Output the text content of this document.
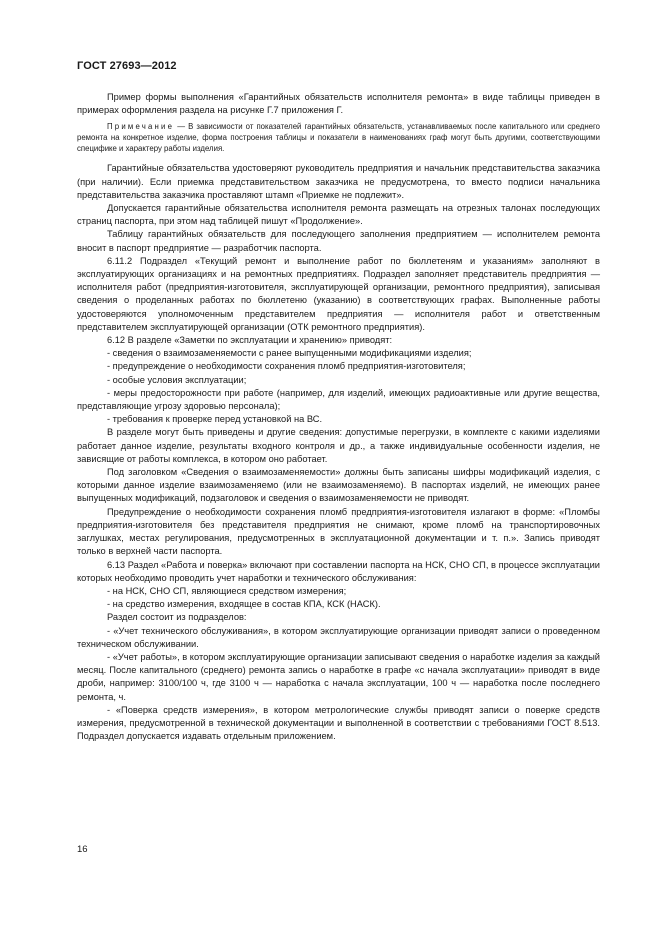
ГОСТ 27693—2012

Пример формы выполнения «Гарантийных обязательств исполнителя ремонта» в виде таблицы приведен в примерах оформления раздела на рисунке Г.7 приложения Г.

Примечание — В зависимости от показателей гарантийных обязательств, устанавливаемых после капитального или среднего ремонта на конкретное изделие, форма построения таблицы и показатели в наименованиях граф могут быть другими, соответствующими специфике и характеру работы изделия.

Гарантийные обязательства удостоверяют руководитель предприятия и начальник представительства заказчика (при наличии). Если приемка представительством заказчика не предусмотрена, то вместо подписи начальника представительства заказчика проставляют штамп «Приемке не подлежит».

Допускается гарантийные обязательства исполнителя ремонта размещать на отрезных талонах последующих страниц паспорта, при этом над таблицей пишут «Продолжение».

Таблицу гарантийных обязательств для последующего заполнения предприятием — исполнителем ремонта вносит в паспорт предприятие — разработчик паспорта.

6.11.2 Подраздел «Текущий ремонт и выполнение работ по бюллетеням и указаниям» заполняют в эксплуатирующих организациях и на ремонтных предприятиях. Подраздел заполняет представитель предприятия — исполнителя работ (предприятия-изготовителя, эксплуатирующей организации, ремонтного предприятия), записывая сведения о проделанных работах по бюллетеню (указанию) в соответствующих графах. Выполненные работы удостоверяются уполномоченным представителем предприятия — исполнителя работ и ответственным представителем эксплуатирующей организации (ОТК ремонтного предприятия).

6.12 В разделе «Заметки по эксплуатации и хранению» приводят:

- сведения о взаимозаменяемости с ранее выпущенными модификациями изделия;

- предупреждение о необходимости сохранения пломб предприятия-изготовителя;

- особые условия эксплуатации;

- меры предосторожности при работе (например, для изделий, имеющих радиоактивные или другие вещества, представляющие угрозу здоровью персонала);

- требования к проверке перед установкой на ВС.

В разделе могут быть приведены и другие сведения: допустимые перегрузки, в комплекте с какими изделиями работает данное изделие, результаты входного контроля и др., а также индивидуальные особенности изделия, не зависящие от работы комплекса, в котором оно работает.

Под заголовком «Сведения о взаимозаменяемости» должны быть записаны шифры модификаций изделия, с которыми данное изделие взаимозаменяемо (или не взаимозаменяемо). В паспортах изделий, не имеющих ранее выпущенных модификаций, подзаголовок и сведения о взаимозаменяемости не приводят.

Предупреждение о необходимости сохранения пломб предприятия-изготовителя излагают в форме: «Пломбы предприятия-изготовителя без представителя предприятия не снимают, кроме пломб на транспортировочных заглушках, местах регулирования, предусмотренных в эксплуатационной документации и т. п.». Запись приводят только в верхней части паспорта.

6.13 Раздел «Работа и поверка» включают при составлении паспорта на НСК, СНО СП, в процессе эксплуатации которых необходимо проводить учет наработки и технического обслуживания:

- на НСК, СНО СП, являющиеся средством измерения;

- на средство измерения, входящее в состав КПА, КСК (НАСК).

Раздел состоит из подразделов:

- «Учет технического обслуживания», в котором эксплуатирующие организации приводят записи о проведенном техническом обслуживании.

- «Учет работы», в котором эксплуатирующие организации записывают сведения о наработке изделия за каждый месяц. После капитального (среднего) ремонта запись о наработке в графе «с начала эксплуатации» приводят в виде дроби, например: 3100/100 ч, где 3100 ч — наработка с начала эксплуатации, 100 ч — наработка после последнего ремонта, ч.

- «Поверка средств измерения», в котором метрологические службы приводят записи о поверке средств измерения, предусмотренной в технической документации и выполненной в соответствии с требованиями ГОСТ 8.513. Подраздел допускается издавать отдельным приложением.

16
